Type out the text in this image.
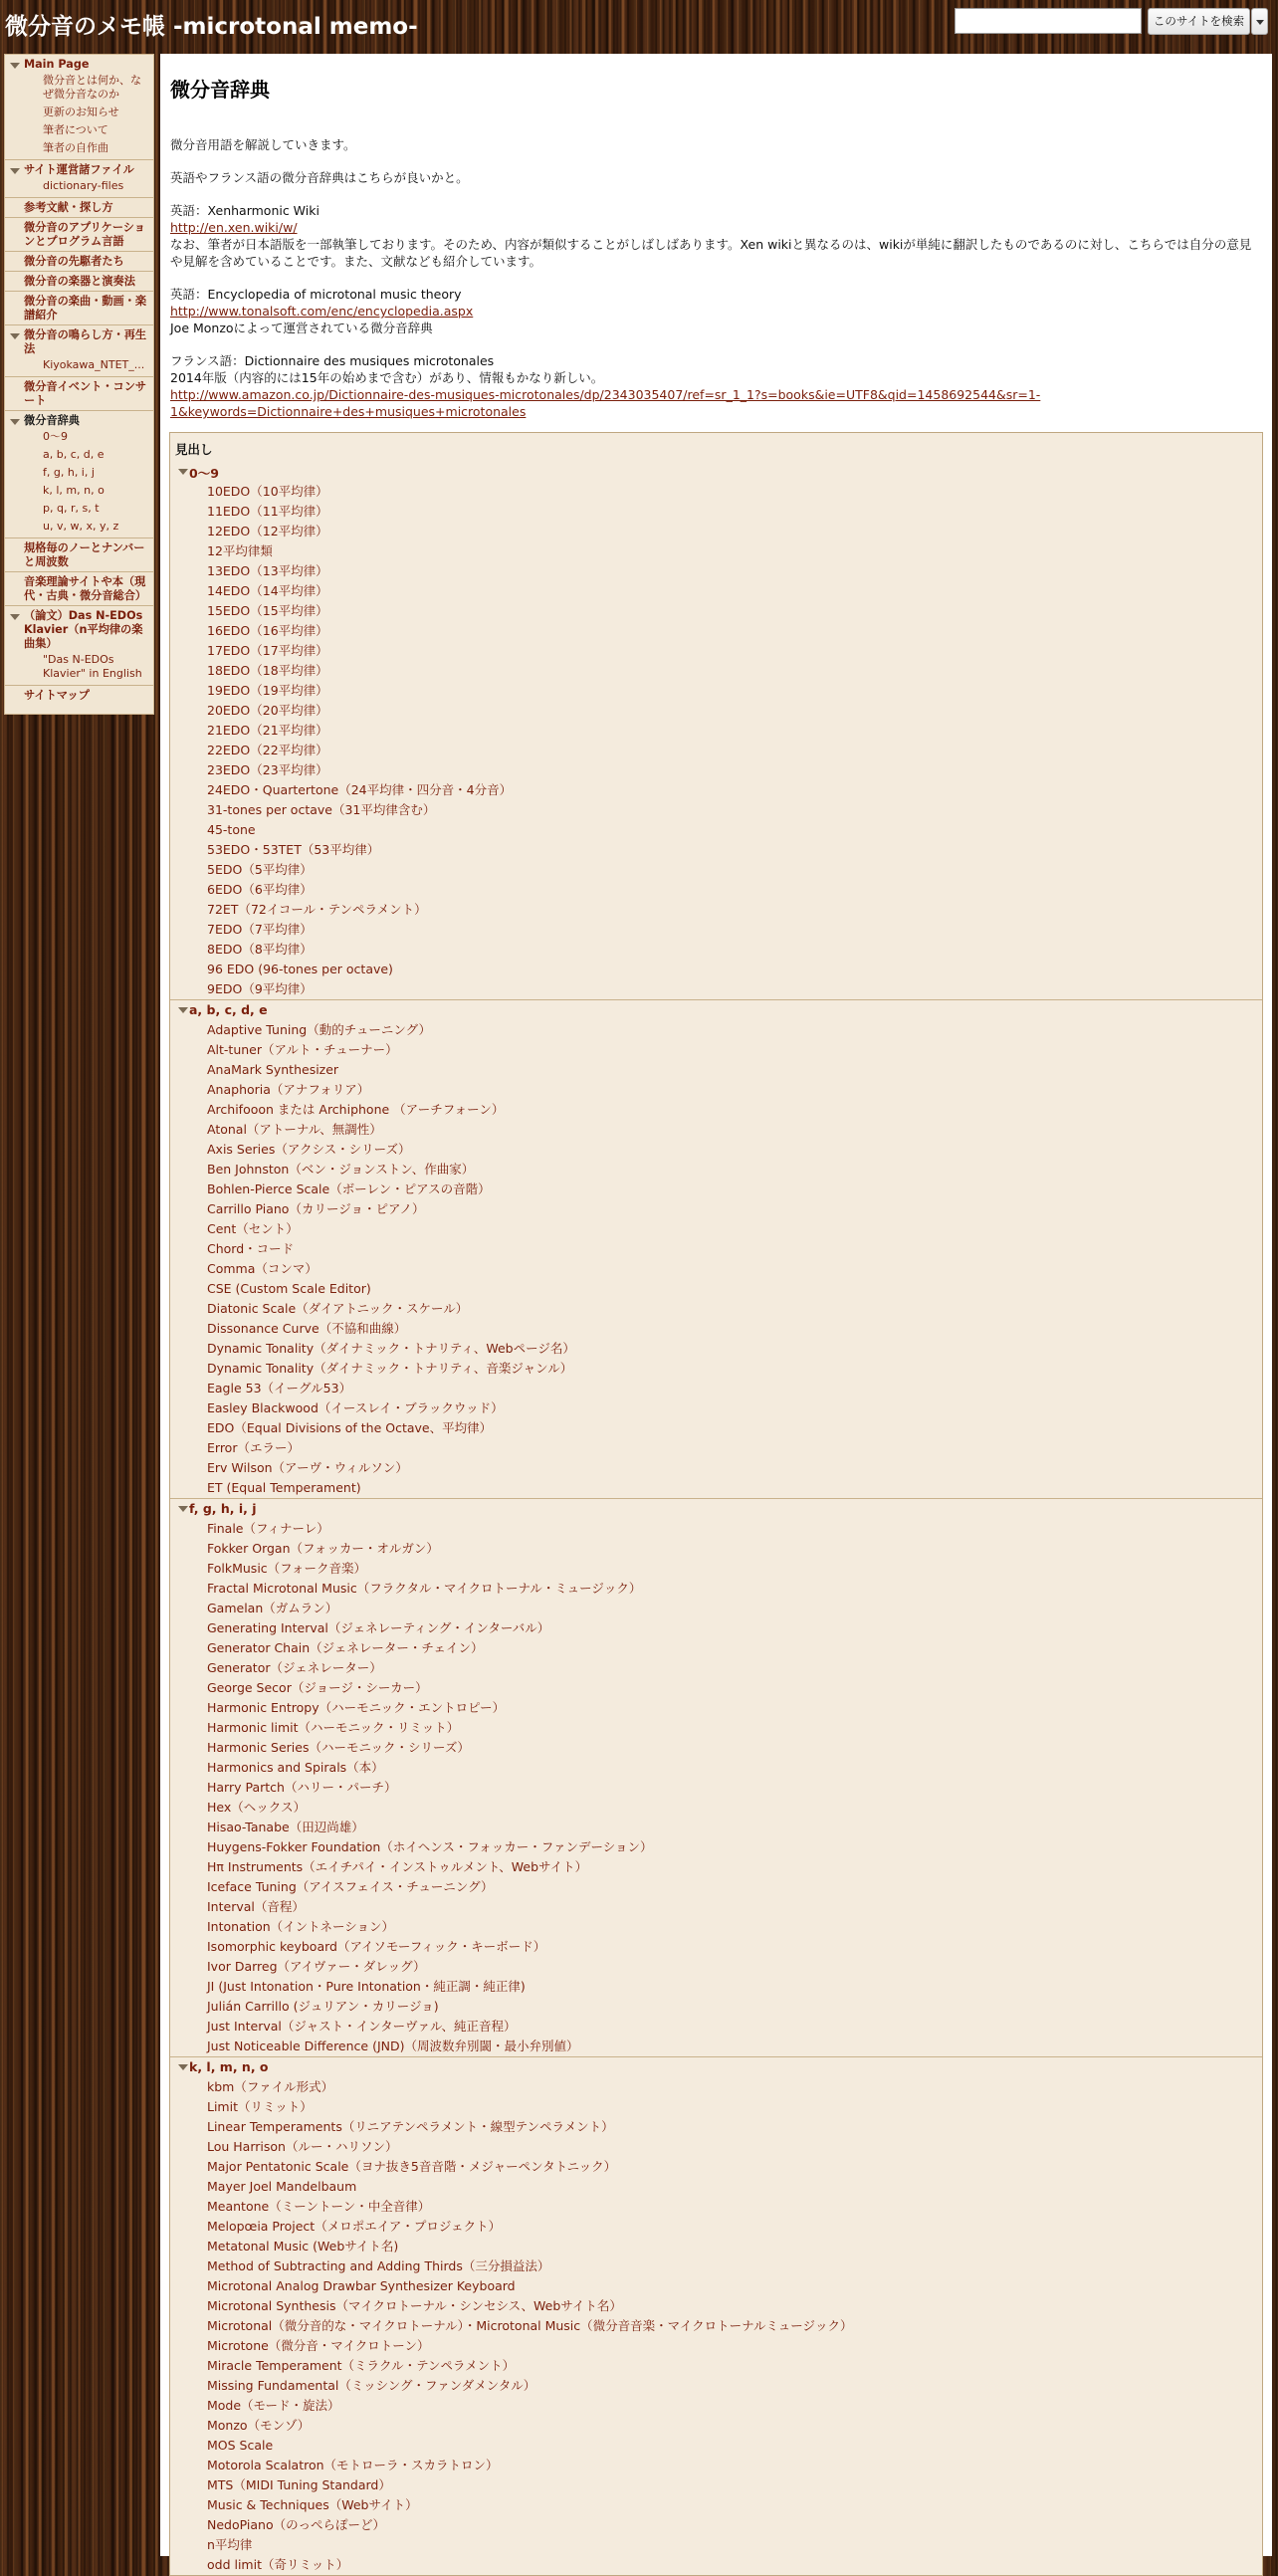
微分音のメモ帳 -microtonal memo-	このサイトを検索
Main Page
微分音とは何か、なぜ微分音なのか
更新のお知らせ
筆者について
筆者の自作曲
サイト運営諸ファイル
dictionary-files
参考文献・探し方
微分音のアプリケーションとプログラム言語
微分音の先駆者たち
微分音の楽器と演奏法
微分音の楽曲・動画・楽譜紹介
微分音の鳴らし方・再生法
Kiyokawa_NTET_...
微分音イベント・コンサート
微分音辞典
0～9
a, b, c, d, e
f, g, h, i, j
k, l, m, n, o
p, q, r, s, t
u, v, w, x, y, z
規格毎のノーとナンバーと周波数
音楽理論サイトや本（現代・古典・微分音総合）
（論文）Das N-EDOs Klavier（n平均律の楽曲集）
"Das N-EDOs Klavier" in English
サイトマップ
微分音辞典
微分音用語を解説していきます。
英語やフランス語の微分音辞典はこちらが良いかと。
英語：Xenharmonic Wiki
http://en.xen.wiki/w/
なお、筆者が日本語版を一部執筆しております。そのため、内容が類似することがしばしばあります。Xen wikiと異なるのは、wikiが単純に翻訳したものであるのに対し、こちらでは自分の意見や見解を含めていることです。また、文献なども紹介しています。
英語：Encyclopedia of microtonal music theory
http://www.tonalsoft.com/enc/encyclopedia.aspx
Joe Monzoによって運営されている微分音辞典
フランス語：Dictionnaire des musiques microtonales
2014年版（内容的には15年の始めまで含む）があり、情報もかなり新しい。
http://www.amazon.co.jp/Dictionnaire-des-musiques-microtonales/dp/2343035407/ref=sr_1_1?s=books&ie=UTF8&qid=1458692544&sr=1-1&keywords=Dictionnaire+des+musiques+microtonales
見出し
0～9
10EDO（10平均律）
11EDO（11平均律）
12EDO（12平均律）
12平均律類
13EDO（13平均律）
14EDO（14平均律）
15EDO（15平均律）
16EDO（16平均律）
17EDO（17平均律）
18EDO（18平均律）
19EDO（19平均律）
20EDO（20平均律）
21EDO（21平均律）
22EDO（22平均律）
23EDO（23平均律）
24EDO・Quartertone（24平均律・四分音・4分音）
31-tones per octave（31平均律含む）
45-tone
53EDO・53TET（53平均律）
5EDO（5平均律）
6EDO（6平均律）
72ET（72イコール・テンペラメント）
7EDO（7平均律）
8EDO（8平均律）
96 EDO (96-tones per octave)
9EDO（9平均律）
a, b, c, d, e
Adaptive Tuning（動的チューニング）
Alt-tuner（アルト・チューナー）
AnaMark Synthesizer
Anaphoria（アナフォリア）
Archifooon または Archiphone （アーチフォーン）
Atonal（アトーナル、無調性）
Axis Series（アクシス・シリーズ）
Ben Johnston（ベン・ジョンストン、作曲家）
Bohlen-Pierce Scale（ボーレン・ピアスの音階）
Carrillo Piano（カリージョ・ピアノ）
Cent（セント）
Chord・コード
Comma（コンマ）
CSE (Custom Scale Editor)
Diatonic Scale（ダイアトニック・スケール）
Dissonance Curve（不協和曲線）
Dynamic Tonality（ダイナミック・トナリティ、Webページ名）
Dynamic Tonality（ダイナミック・トナリティ、音楽ジャンル）
Eagle 53（イーグル53）
Easley Blackwood（イースレイ・ブラックウッド）
EDO（Equal Divisions of the Octave、平均律）
Error（エラー）
Erv Wilson（アーヴ・ウィルソン）
ET (Equal Temperament)
f, g, h, i, j
Finale（フィナーレ）
Fokker Organ（フォッカー・オルガン）
FolkMusic（フォーク音楽）
Fractal Microtonal Music（フラクタル・マイクロトーナル・ミュージック）
Gamelan（ガムラン）
Generating Interval（ジェネレーティング・インターバル）
Generator Chain（ジェネレーター・チェイン）
Generator（ジェネレーター）
George Secor（ジョージ・シーカー）
Harmonic Entropy（ハーモニック・エントロピー）
Harmonic limit（ハーモニック・リミット）
Harmonic Series（ハーモニック・シリーズ）
Harmonics and Spirals（本）
Harry Partch（ハリー・パーチ）
Hex（ヘックス）
Hisao-Tanabe（田辺尚雄）
Huygens-Fokker Foundation（ホイヘンス・フォッカー・ファンデーション）
Hπ Instruments（エイチパイ・インストゥルメント、Webサイト）
Iceface Tuning（アイスフェイス・チューニング）
Interval（音程）
Intonation（イントネーション）
Isomorphic keyboard（アイソモーフィック・キーボード）
Ivor Darreg（アイヴァー・ダレッグ）
JI (Just Intonation・Pure Intonation・純正調・純正律)
Julián Carrillo (ジュリアン・カリージョ)
Just Interval（ジャスト・インターヴァル、純正音程）
Just Noticeable Difference (JND)（周波数弁別閾・最小弁別値）
k, l, m, n, o
kbm（ファイル形式）
Limit（リミット）
Linear Temperaments（リニアテンペラメント・線型テンペラメント）
Lou Harrison（ルー・ハリソン）
Major Pentatonic Scale（ヨナ抜き5音音階・メジャーペンタトニック）
Mayer Joel Mandelbaum
Meantone（ミーントーン・中全音律）
Melopœia Project（メロポエイア・プロジェクト）
Metatonal Music (Webサイト名)
Method of Subtracting and Adding Thirds（三分損益法）
Microtonal Analog Drawbar Synthesizer Keyboard
Microtonal Synthesis（マイクロトーナル・シンセシス、Webサイト名）
Microtonal（微分音的な・マイクロトーナル）・Microtonal Music（微分音音楽・マイクロトーナルミュージック）
Microtone（微分音・マイクロトーン）
Miracle Temperament（ミラクル・テンペラメント）
Missing Fundamental（ミッシング・ファンダメンタル）
Mode（モード・旋法）
Monzo（モンゾ）
MOS Scale
Motorola Scalatron（モトローラ・スカラトロン）
MTS（MIDI Tuning Standard）
Music & Techniques（Webサイト）
NedoPiano（のっぺらぽーど）
n平均律
odd limit（奇リミット）
